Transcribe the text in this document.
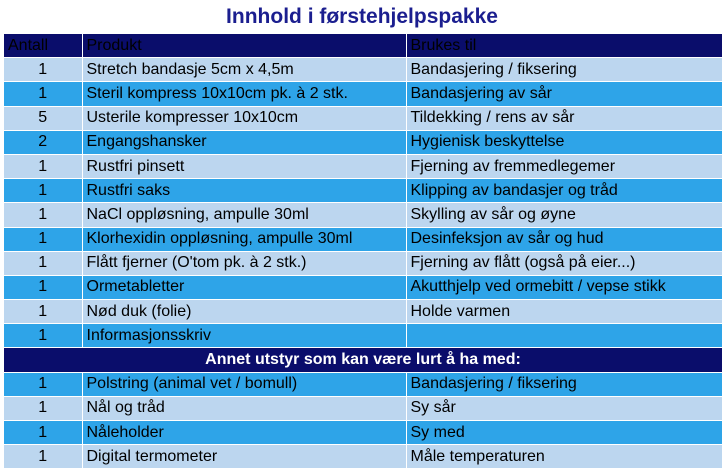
Innhold i førstehjelpspakke
Antall	Produkt	Brukes til
1	Stretch bandasje 5cm x 4,5m	Bandasjering / fiksering
1	Steril kompress 10x10cm pk. à 2 stk.	Bandasjering av sår
5	Usterile kompresser 10x10cm	Tildekking / rens av sår
2	Engangshansker	Hygienisk beskyttelse
1	Rustfri pinsett	Fjerning av fremmedlegemer
1	Rustfri saks	Klipping av bandasjer og tråd
1	NaCl oppløsning, ampulle 30ml	Skylling av sår og øyne
1	Klorhexidin oppløsning, ampulle 30ml	Desinfeksjon av sår og hud
1	Flått fjerner (O'tom pk. à 2 stk.)	Fjerning av flått (også på eier...)
1	Ormetabletter	Akutthjelp ved ormebitt / vepse stikk
1	Nød duk (folie)	Holde varmen
1	Informasjonsskriv	
Annet utstyr som kan være lurt å ha med:		
1	Polstring (animal vet / bomull)	Bandasjering / fiksering
1	Nål og tråd	Sy sår
1	Nåleholder	Sy med
1	Digital termometer	Måle temperaturen
